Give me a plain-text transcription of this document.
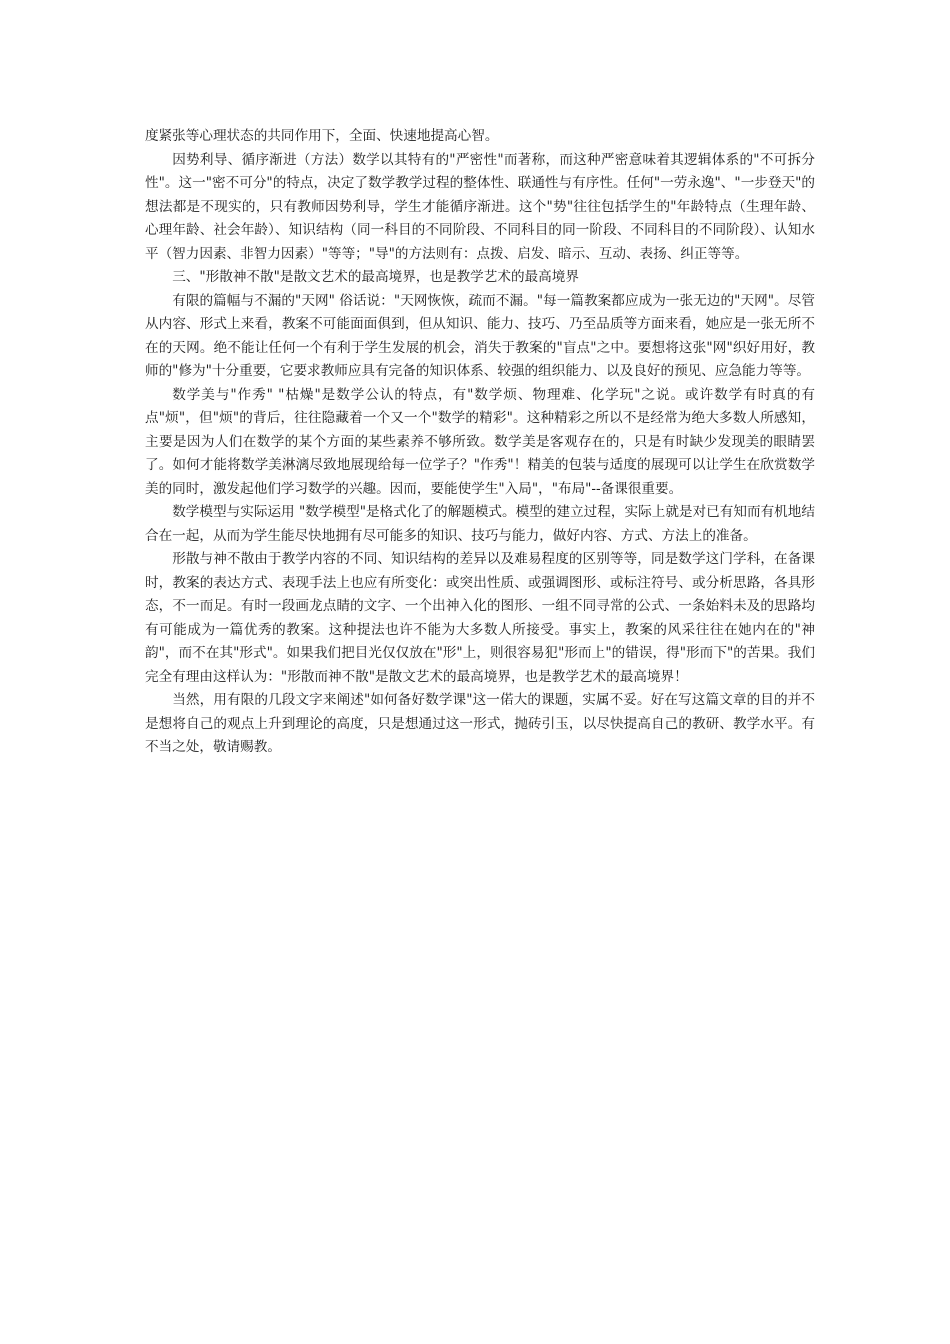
度紧张等心理状态的共同作用下，全面、快速地提高心智。

因势利导、循序渐进（方法）数学以其特有的"严密性"而著称，而这种严密意味着其逻辑体系的"不可拆分性"。这一"密不可分"的特点，决定了数学教学过程的整体性、联通性与有序性。任何"一劳永逸"、"一步登天"的想法都是不现实的，只有教师因势利导，学生才能循序渐进。这个"势"往往包括学生的"年龄特点（生理年龄、心理年龄、社会年龄）、知识结构（同一科目的不同阶段、不同科目的同一阶段、不同科目的不同阶段）、认知水平（智力因素、非智力因素）"等等；"导"的方法则有：点拨、启发、暗示、互动、表扬、纠正等等。

三、"形散神不散"是散文艺术的最高境界，也是教学艺术的最高境界

有限的篇幅与不漏的"天网" 俗话说："天网恢恢，疏而不漏。"每一篇教案都应成为一张无边的"天网"。尽管从内容、形式上来看，教案不可能面面俱到，但从知识、能力、技巧、乃至品质等方面来看，她应是一张无所不在的天网。绝不能让任何一个有利于学生发展的机会，消失于教案的"盲点"之中。要想将这张"网"织好用好，教师的"修为"十分重要，它要求教师应具有完备的知识体系、较强的组织能力、以及良好的预见、应急能力等等。

数学美与"作秀" "枯燥"是数学公认的特点，有"数学烦、物理难、化学玩"之说。或许数学有时真的有点"烦"，但"烦"的背后，往往隐藏着一个又一个"数学的精彩"。这种精彩之所以不是经常为绝大多数人所感知，主要是因为人们在数学的某个方面的某些素养不够所致。数学美是客观存在的，只是有时缺少发现美的眼睛罢了。如何才能将数学美淋漓尽致地展现给每一位学子？"作秀"！精美的包装与适度的展现可以让学生在欣赏数学美的同时，激发起他们学习数学的兴趣。因而，要能使学生"入局"，"布局"--备课很重要。

数学模型与实际运用 "数学模型"是格式化了的解题模式。模型的建立过程，实际上就是对已有知而有机地结合在一起，从而为学生能尽快地拥有尽可能多的知识、技巧与能力，做好内容、方式、方法上的准备。

形散与神不散由于教学内容的不同、知识结构的差异以及难易程度的区别等等，同是数学这门学科，在备课时，教案的表达方式、表现手法上也应有所变化：或突出性质、或强调图形、或标注符号、或分析思路，各具形态，不一而足。有时一段画龙点睛的文字、一个出神入化的图形、一组不同寻常的公式、一条始料未及的思路均有可能成为一篇优秀的教案。这种提法也许不能为大多数人所接受。事实上，教案的风采往往在她内在的"神韵"，而不在其"形式"。如果我们把目光仅仅放在"形"上，则很容易犯"形而上"的错误，得"形而下"的苦果。我们完全有理由这样认为："形散而神不散"是散文艺术的最高境界，也是教学艺术的最高境界！

当然，用有限的几段文字来阐述"如何备好数学课"这一偌大的课题，实属不妥。好在写这篇文章的目的并不是想将自己的观点上升到理论的高度，只是想通过这一形式，抛砖引玉，以尽快提高自己的教研、教学水平。有不当之处，敬请赐教。
